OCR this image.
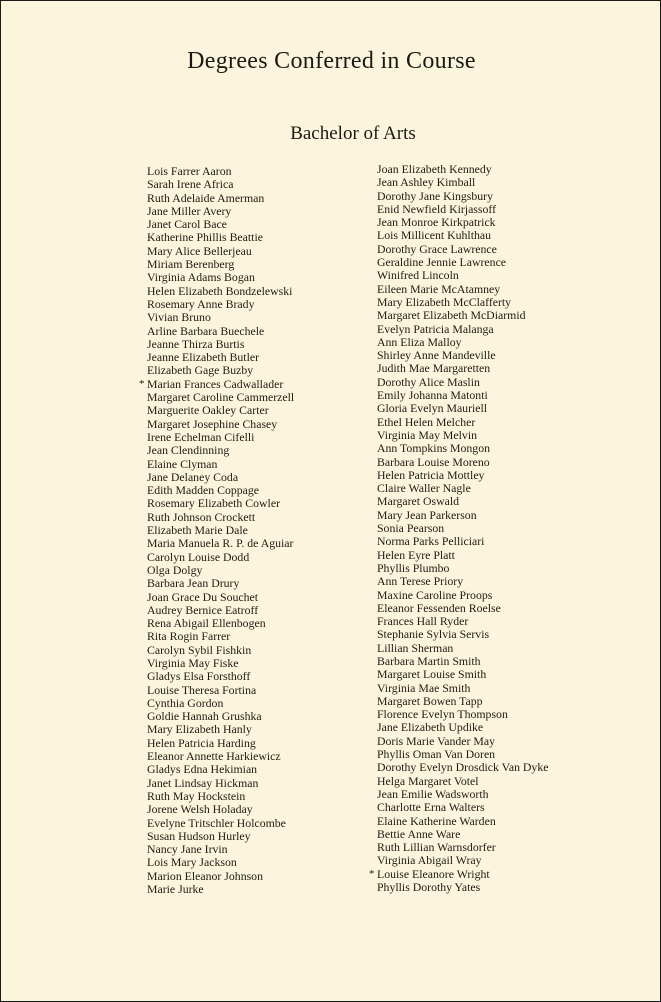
Degrees Conferred in Course
Bachelor of Arts
Lois Farrer Aaron
Sarah Irene Africa
Ruth Adelaide Amerman
Jane Miller Avery
Janet Carol Bace
Katherine Phillis Beattie
Mary Alice Bellerjeau
Miriam Berenberg
Virginia Adams Bogan
Helen Elizabeth Bondzelewski
Rosemary Anne Brady
Vivian Bruno
Arline Barbara Buechele
Jeanne Thirza Burtis
Jeanne Elizabeth Butler
Elizabeth Gage Buzby
* Marian Frances Cadwallader
Margaret Caroline Cammerzell
Marguerite Oakley Carter
Margaret Josephine Chasey
Irene Echelman Cifelli
Jean Clendinning
Elaine Clyman
Jane Delaney Coda
Edith Madden Coppage
Rosemary Elizabeth Cowler
Ruth Johnson Crockett
Elizabeth Marie Dale
Maria Manuela R. P. de Aguiar
Carolyn Louise Dodd
Olga Dolgy
Barbara Jean Drury
Joan Grace Du Souchet
Audrey Bernice Eatroff
Rena Abigail Ellenbogen
Rita Rogin Farrer
Carolyn Sybil Fishkin
Virginia May Fiske
Gladys Elsa Forsthoff
Louise Theresa Fortina
Cynthia Gordon
Goldie Hannah Grushka
Mary Elizabeth Hanly
Helen Patricia Harding
Eleanor Annette Harkiewicz
Gladys Edna Hekimian
Janet Lindsay Hickman
Ruth May Hockstein
Jorene Welsh Holaday
Evelyne Tritschler Holcombe
Susan Hudson Hurley
Nancy Jane Irvin
Lois Mary Jackson
Marion Eleanor Johnson
Marie Jurke
Joan Elizabeth Kennedy
Jean Ashley Kimball
Dorothy Jane Kingsbury
Enid Newfield Kirjassoff
Jean Monroe Kirkpatrick
Lois Millicent Kuhlthau
Dorothy Grace Lawrence
Geraldine Jennie Lawrence
Winifred Lincoln
Eileen Marie McAtamney
Mary Elizabeth McClafferty
Margaret Elizabeth McDiarmid
Evelyn Patricia Malanga
Ann Eliza Malloy
Shirley Anne Mandeville
Judith Mae Margaretten
Dorothy Alice Maslin
Emily Johanna Matonti
Gloria Evelyn Mauriell
Ethel Helen Melcher
Virginia May Melvin
Ann Tompkins Mongon
Barbara Louise Moreno
Helen Patricia Mottley
Claire Waller Nagle
Margaret Oswald
Mary Jean Parkerson
Sonia Pearson
Norma Parks Pelliciari
Helen Eyre Platt
Phyllis Plumbo
Ann Terese Priory
Maxine Caroline Proops
Eleanor Fessenden Roelse
Frances Hall Ryder
Stephanie Sylvia Servis
Lillian Sherman
Barbara Martin Smith
Margaret Louise Smith
Virginia Mae Smith
Margaret Bowen Tapp
Florence Evelyn Thompson
Jane Elizabeth Updike
Doris Marie Vander May
Phyllis Oman Van Doren
Dorothy Evelyn Drosdick Van Dyke
Helga Margaret Votel
Jean Emilie Wadsworth
Charlotte Erna Walters
Elaine Katherine Warden
Bettie Anne Ware
Ruth Lillian Warnsdorfer
Virginia Abigail Wray
* Louise Eleanore Wright
Phyllis Dorothy Yates
